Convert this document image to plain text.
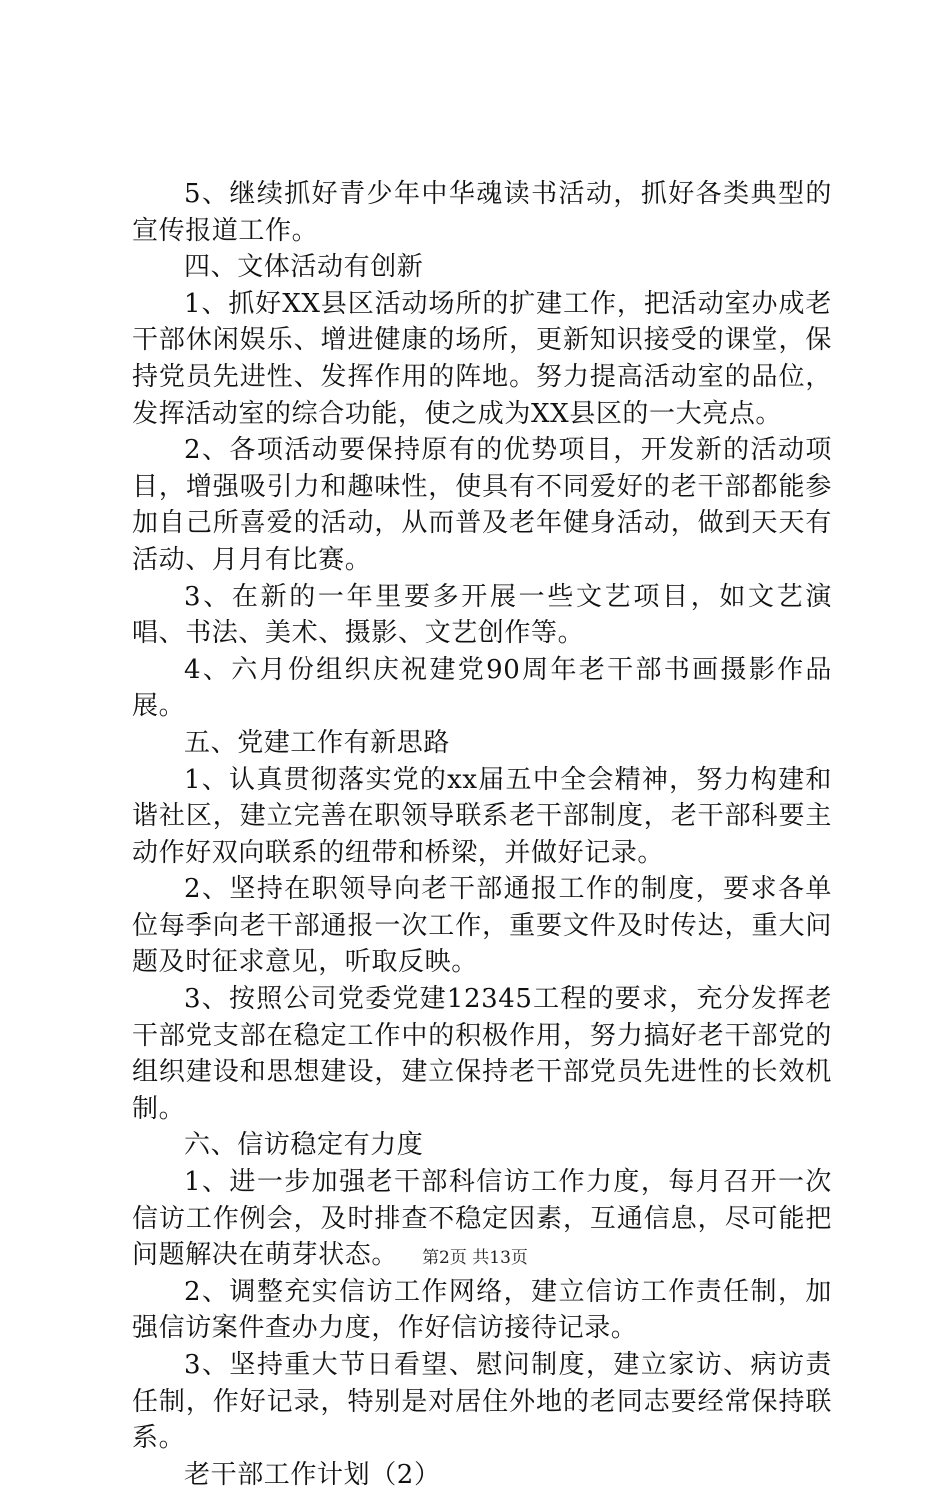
5、继续抓好青少年中华魂读书活动，抓好各类典型的宣传报道工作。

四、文体活动有创新

1、抓好XX县区活动场所的扩建工作，把活动室办成老干部休闲娱乐、增进健康的场所，更新知识接受的课堂，保持党员先进性、发挥作用的阵地。努力提高活动室的品位，发挥活动室的综合功能，使之成为XX县区的一大亮点。

2、各项活动要保持原有的优势项目，开发新的活动项目，增强吸引力和趣味性，使具有不同爱好的老干部都能参加自己所喜爱的活动，从而普及老年健身活动，做到天天有活动、月月有比赛。

3、在新的一年里要多开展一些文艺项目，如文艺演唱、书法、美术、摄影、文艺创作等。

4、六月份组织庆祝建党90周年老干部书画摄影作品展。

五、党建工作有新思路

1、认真贯彻落实党的xx届五中全会精神，努力构建和谐社区，建立完善在职领导联系老干部制度，老干部科要主动作好双向联系的纽带和桥梁，并做好记录。

2、坚持在职领导向老干部通报工作的制度，要求各单位每季向老干部通报一次工作，重要文件及时传达，重大问题及时征求意见，听取反映。

3、按照公司党委党建12345工程的要求，充分发挥老干部党支部在稳定工作中的积极作用，努力搞好老干部党的组织建设和思想建设，建立保持老干部党员先进性的长效机制。

六、信访稳定有力度

1、进一步加强老干部科信访工作力度，每月召开一次信访工作例会，及时排查不稳定因素，互通信息，尽可能把问题解决在萌芽状态。

2、调整充实信访工作网络，建立信访工作责任制，加强信访案件查办力度，作好信访接待记录。

3、坚持重大节日看望、慰问制度，建立家访、病访责任制，作好记录，特别是对居住外地的老同志要经常保持联系。

老干部工作计划（2）

第2页 共13页
